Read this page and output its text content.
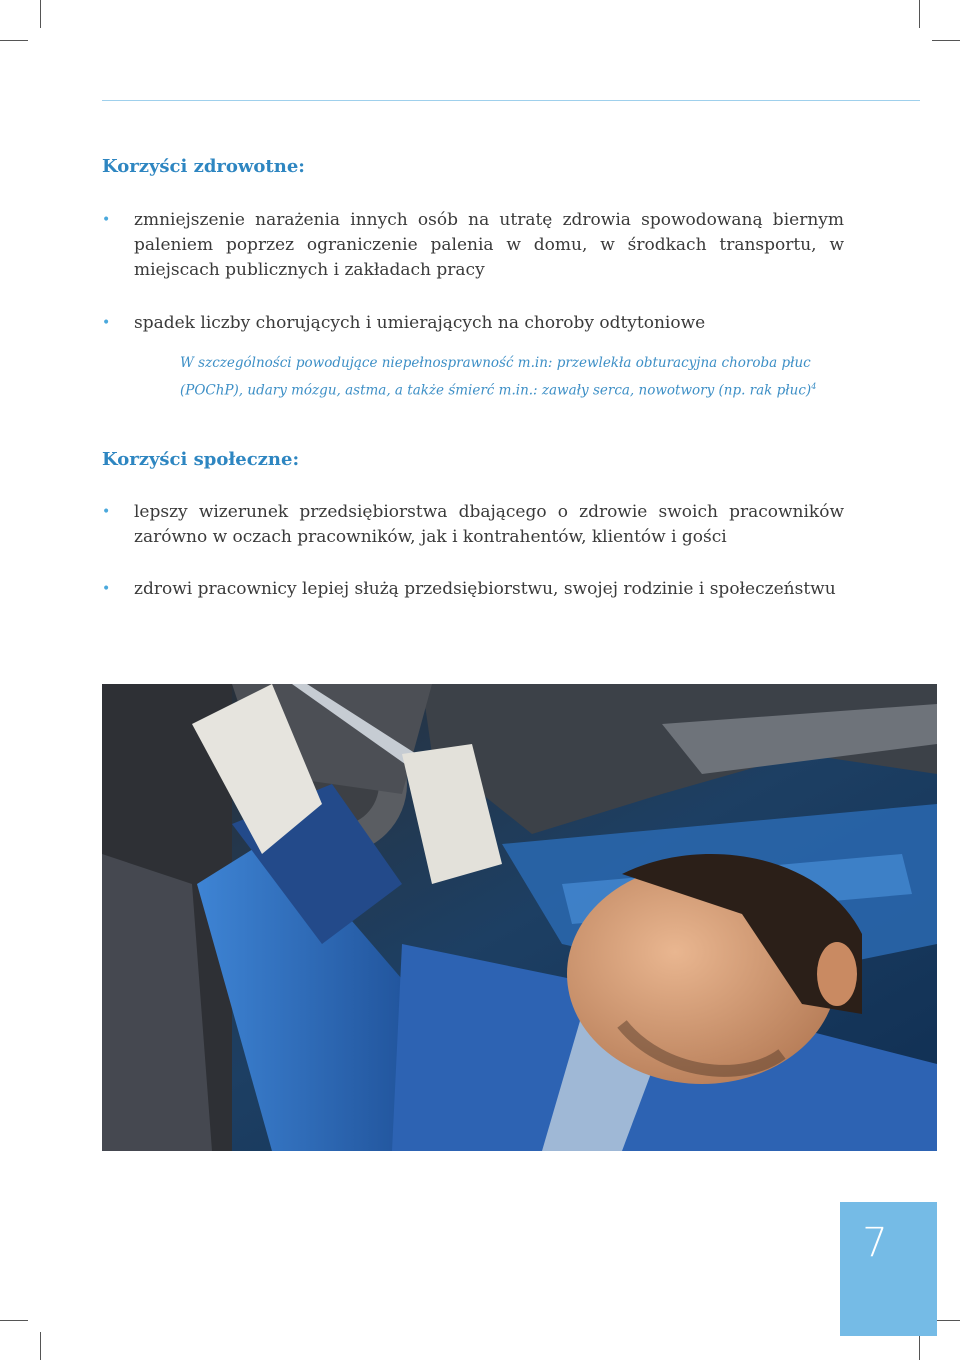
Korzyści zdrowotne:
• zmniejszenie narażenia innych osób na utratę zdrowia spowodowaną biernym paleniem poprzez ograniczenie palenia w domu, w środkach transportu, w miejscach publicznych i zakładach pracy
• spadek liczby chorujących i umierających na choroby odtytoniowe

W szczególności powodujące niepełnosprawność m.in: przewlekła obturacyjna choroba płuc (POChP), udary mózgu, astma, a także śmierć m.in.: zawały serca, nowotwory (np. rak płuc)$^4$

Korzyści społeczne:
• lepszy wizerunek przedsiębiorstwa dbającego o zdrowie swoich pracowników zarówno w oczach pracowników, jak i kontrahentów, klientów i gości
• zdrowi pracownicy lepiej służą przedsiębiorstwu, swojej rodzinie i społeczeństwu
7
